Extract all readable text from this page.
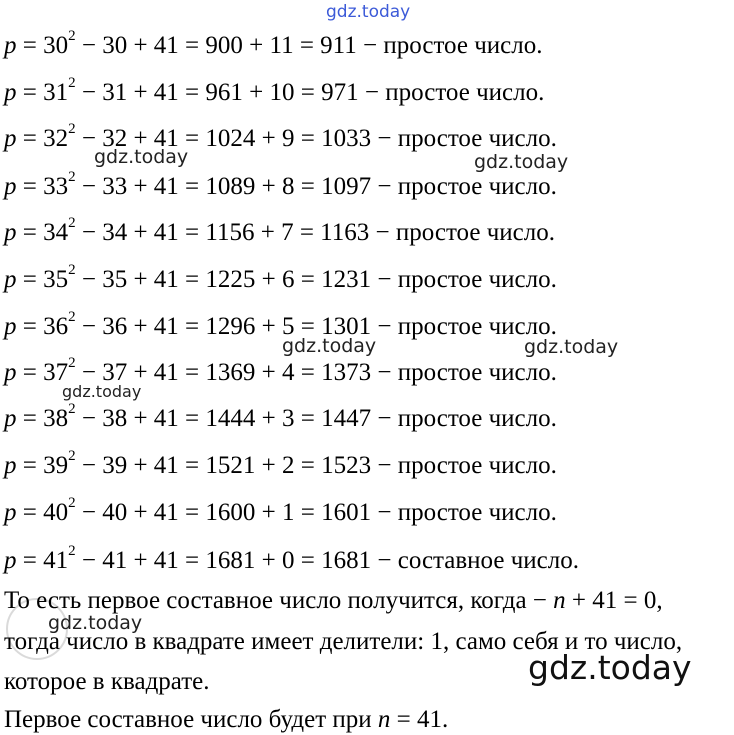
gdz.today
$p = 30^2 - 30 + 41 = 900 + 11 = 911$ − простое число.
$p = 31^2 - 31 + 41 = 961 + 10 = 971$ − простое число.
$p = 32^2 - 32 + 41 = 1024 + 9 = 1033$ − простое число.
$p = 33^2 - 33 + 41 = 1089 + 8 = 1097$ − простое число.
$p = 34^2 - 34 + 41 = 1156 + 7 = 1163$ − простое число.
$p = 35^2 - 35 + 41 = 1225 + 6 = 1231$ − простое число.
$p = 36^2 - 36 + 41 = 1296 + 5 = 1301$ − простое число.
$p = 37^2 - 37 + 41 = 1369 + 4 = 1373$ − простое число.
$p = 38^2 - 38 + 41 = 1444 + 3 = 1447$ − простое число.
$p = 39^2 - 39 + 41 = 1521 + 2 = 1523$ − простое число.
$p = 40^2 - 40 + 41 = 1600 + 1 = 1601$ − простое число.
$p = 41^2 - 41 + 41 = 1681 + 0 = 1681$ − составное число.
gdz.today	gdz.today
gdz.today	gdz.today
gdz.today
То есть первое составное число получится, когда − n + 41 = 0,
gdz.today
тогда число в квадрате имеет делители: 1, само себя и то число,
gdz.today
которое в квадрате.
Первое составное число будет при n = 41.
